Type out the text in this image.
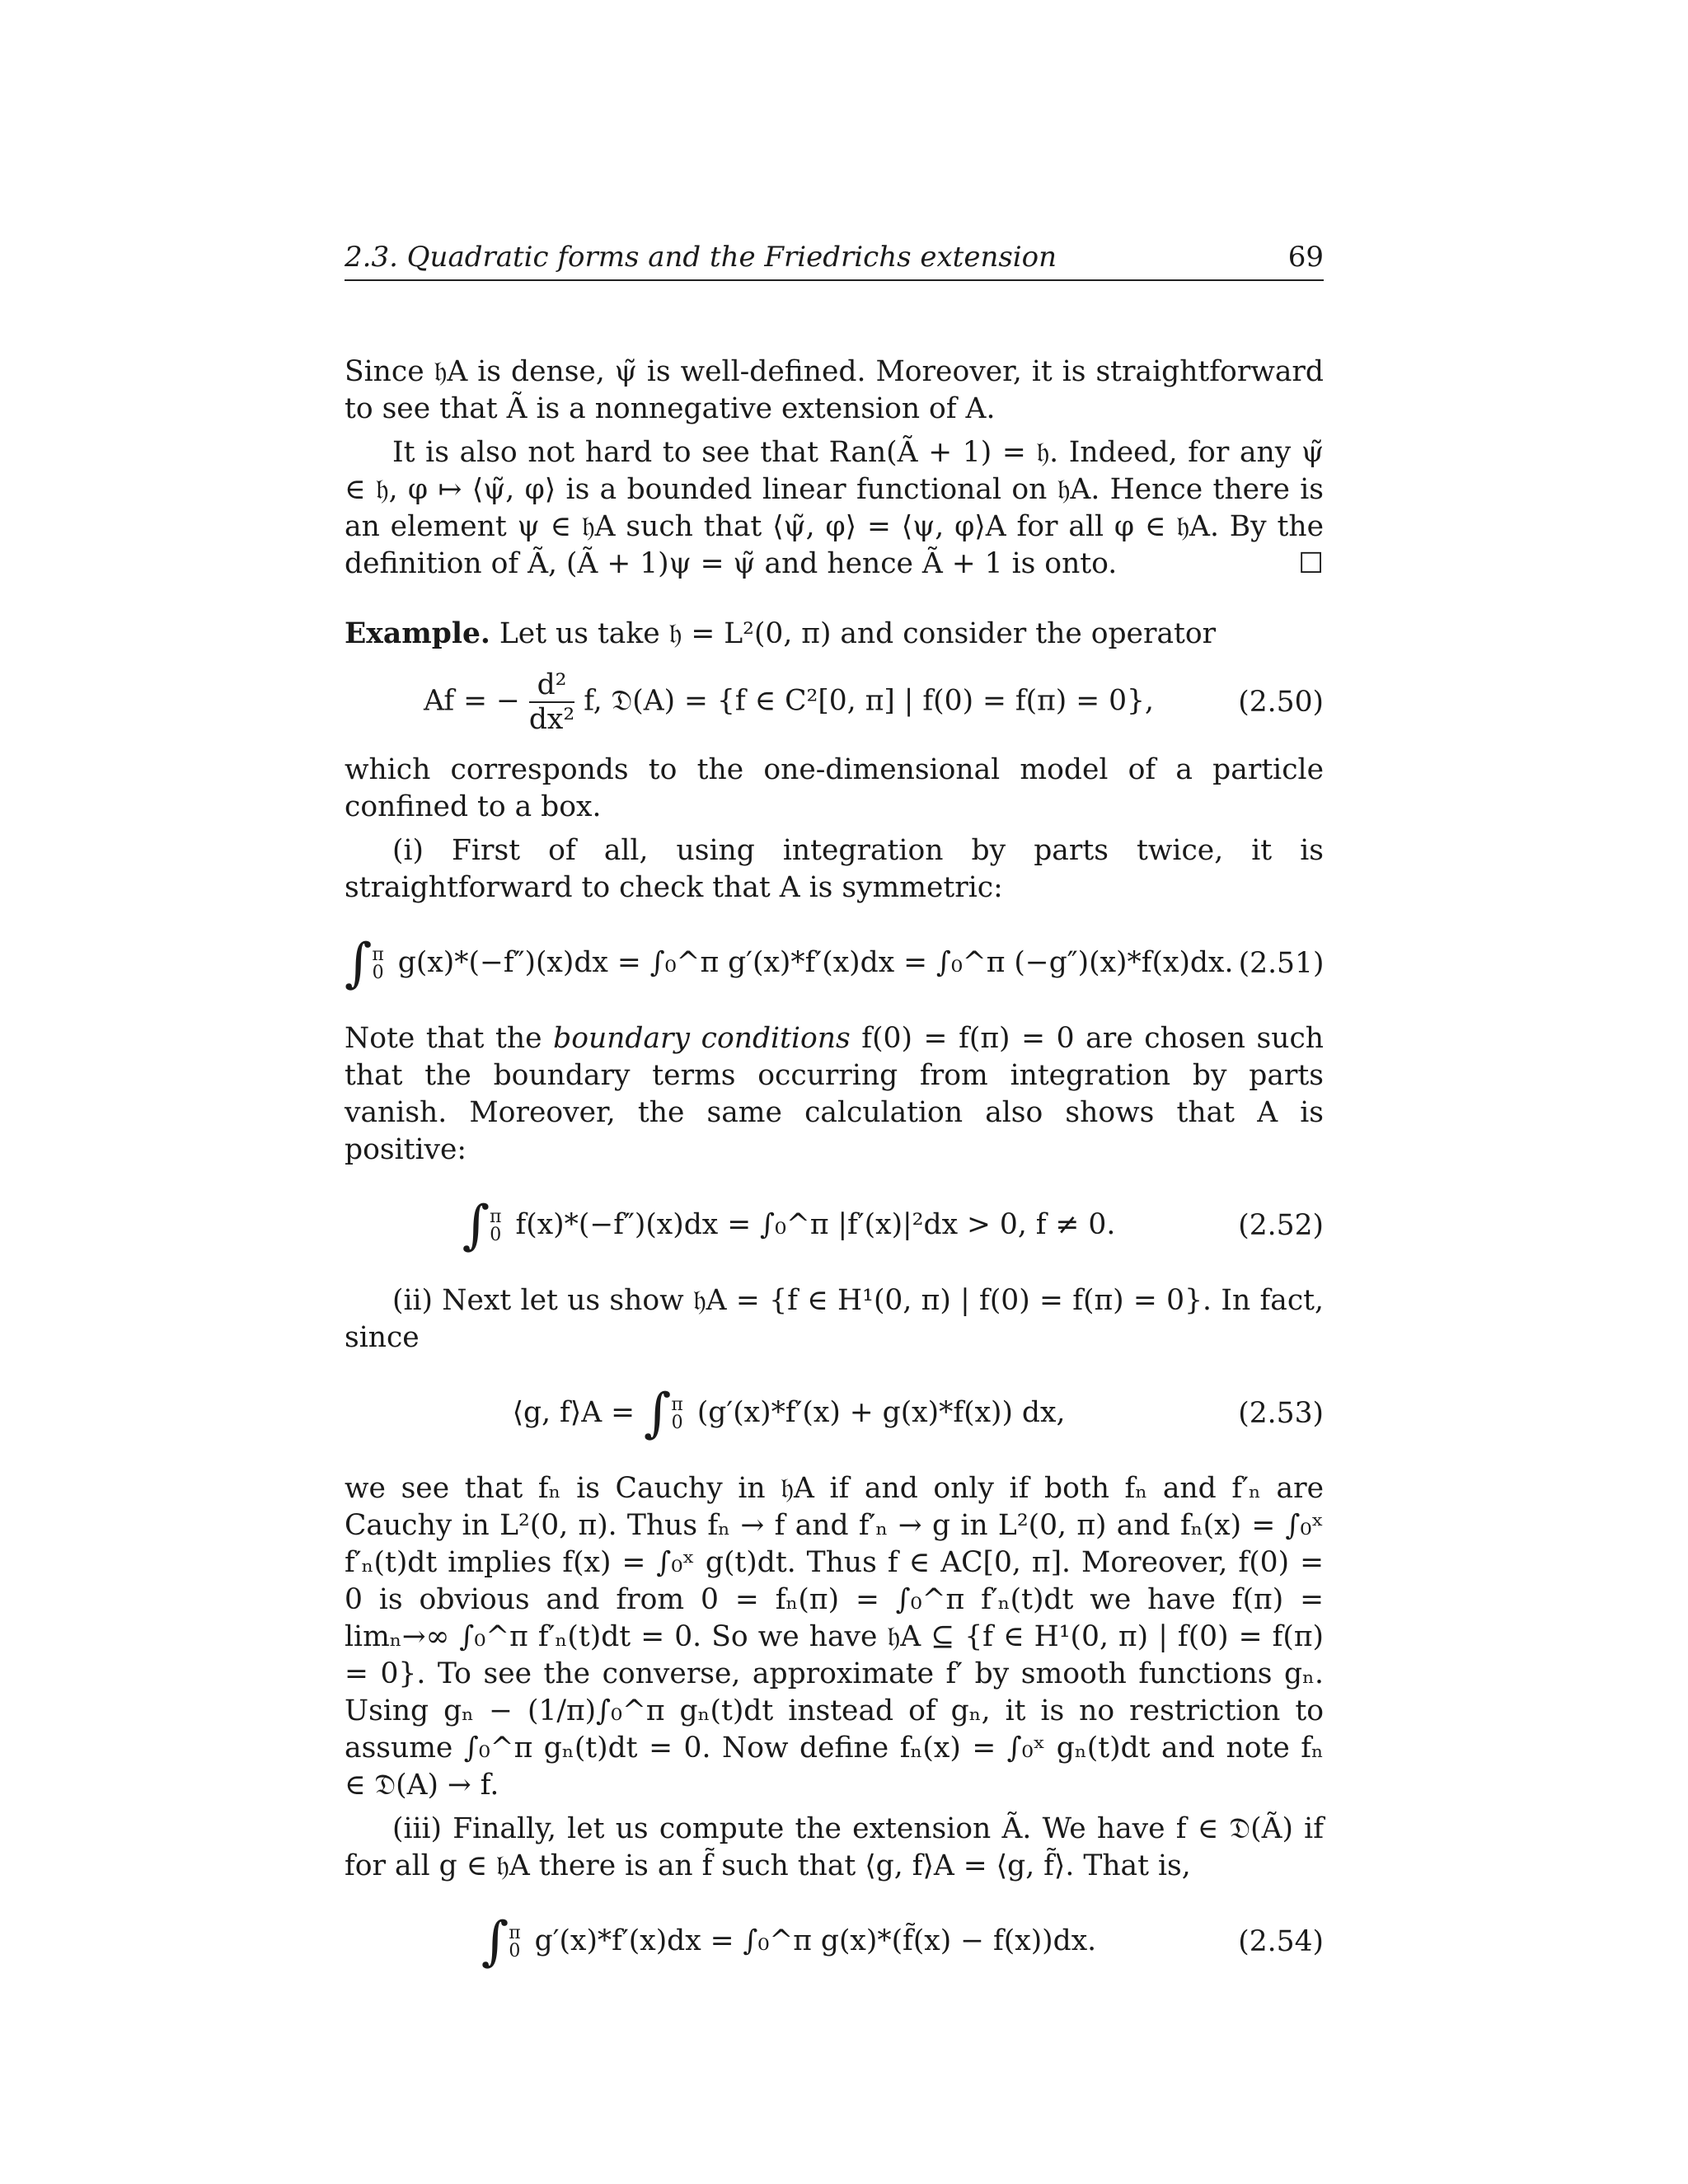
2.3. Quadratic forms and the Friedrichs extension	69

Since 𝔥A is dense, ψ̃ is well-defined. Moreover, it is straightforward to see that Ã is a nonnegative extension of A.

It is also not hard to see that Ran(Ã + 1) = 𝔥. Indeed, for any ψ̃ ∈ 𝔥, φ ↦ ⟨ψ̃, φ⟩ is a bounded linear functional on 𝔥A. Hence there is an element ψ ∈ 𝔥A such that ⟨ψ̃, φ⟩ = ⟨ψ, φ⟩A for all φ ∈ 𝔥A. By the definition of Ã, (Ã + 1)ψ = ψ̃ and hence Ã + 1 is onto.	☐

Example. Let us take 𝔥 = L²(0, π) and consider the operator

Af = − $\frac{\text{d²}}{\text{dx²}} f$, 𝔇(A) = {f ∈ C²[0, π] | f(0) = f(π) = 0},	(2.50)

which corresponds to the one-dimensional model of a particle confined to a box.

(i) First of all, using integration by parts twice, it is straightforward to check that A is symmetric:

∫ π
0 g(x)*(−f″)(x)dx = ∫₀^π g′(x)*f′(x)dx = ∫₀^π (−g″)(x)*f(x)dx. (2.51)

Note that the boundary conditions f(0) = f(π) = 0 are chosen such that the boundary terms occurring from integration by parts vanish. Moreover, the same calculation also shows that A is positive:

∫ π
0 f(x)*(−f″)(x)dx = ∫₀^π |f′(x)|²dx > 0, f ≠ 0.	(2.52)

(ii) Next let us show 𝔥A = {f ∈ H¹(0, π) | f(0) = f(π) = 0}. In fact, since

⟨g, f⟩A = ∫ π
0 (g′(x)*f′(x) + g(x)*f(x)) dx,	(2.53)

we see that fₙ is Cauchy in 𝔥A if and only if both fₙ and f′ₙ are Cauchy in L²(0, π). Thus fₙ → f and f′ₙ → g in L²(0, π) and fₙ(x) = ∫₀ˣ f′ₙ(t)dt implies f(x) = ∫₀ˣ g(t)dt. Thus f ∈ AC[0, π]. Moreover, f(0) = 0 is obvious and from 0 = fₙ(π) = ∫₀^π f′ₙ(t)dt we have f(π) = limₙ→∞ ∫₀^π f′ₙ(t)dt = 0. So we have 𝔥A ⊆ {f ∈ H¹(0, π) | f(0) = f(π) = 0}. To see the converse, approximate f′ by smooth functions gₙ. Using gₙ − (1/π)∫₀^π gₙ(t)dt instead of gₙ, it is no restriction to assume ∫₀^π gₙ(t)dt = 0. Now define fₙ(x) = ∫₀ˣ gₙ(t)dt and note fₙ ∈ 𝔇(A) → f.

(iii) Finally, let us compute the extension Ã. We have f ∈ 𝔇(Ã) if for all g ∈ 𝔥A there is an f̃ such that ⟨g, f⟩A = ⟨g, f̃⟩. That is,

∫ π
0 g′(x)*f′(x)dx = ∫₀^π g(x)*(f̃(x) − f(x))dx.	(2.54)
